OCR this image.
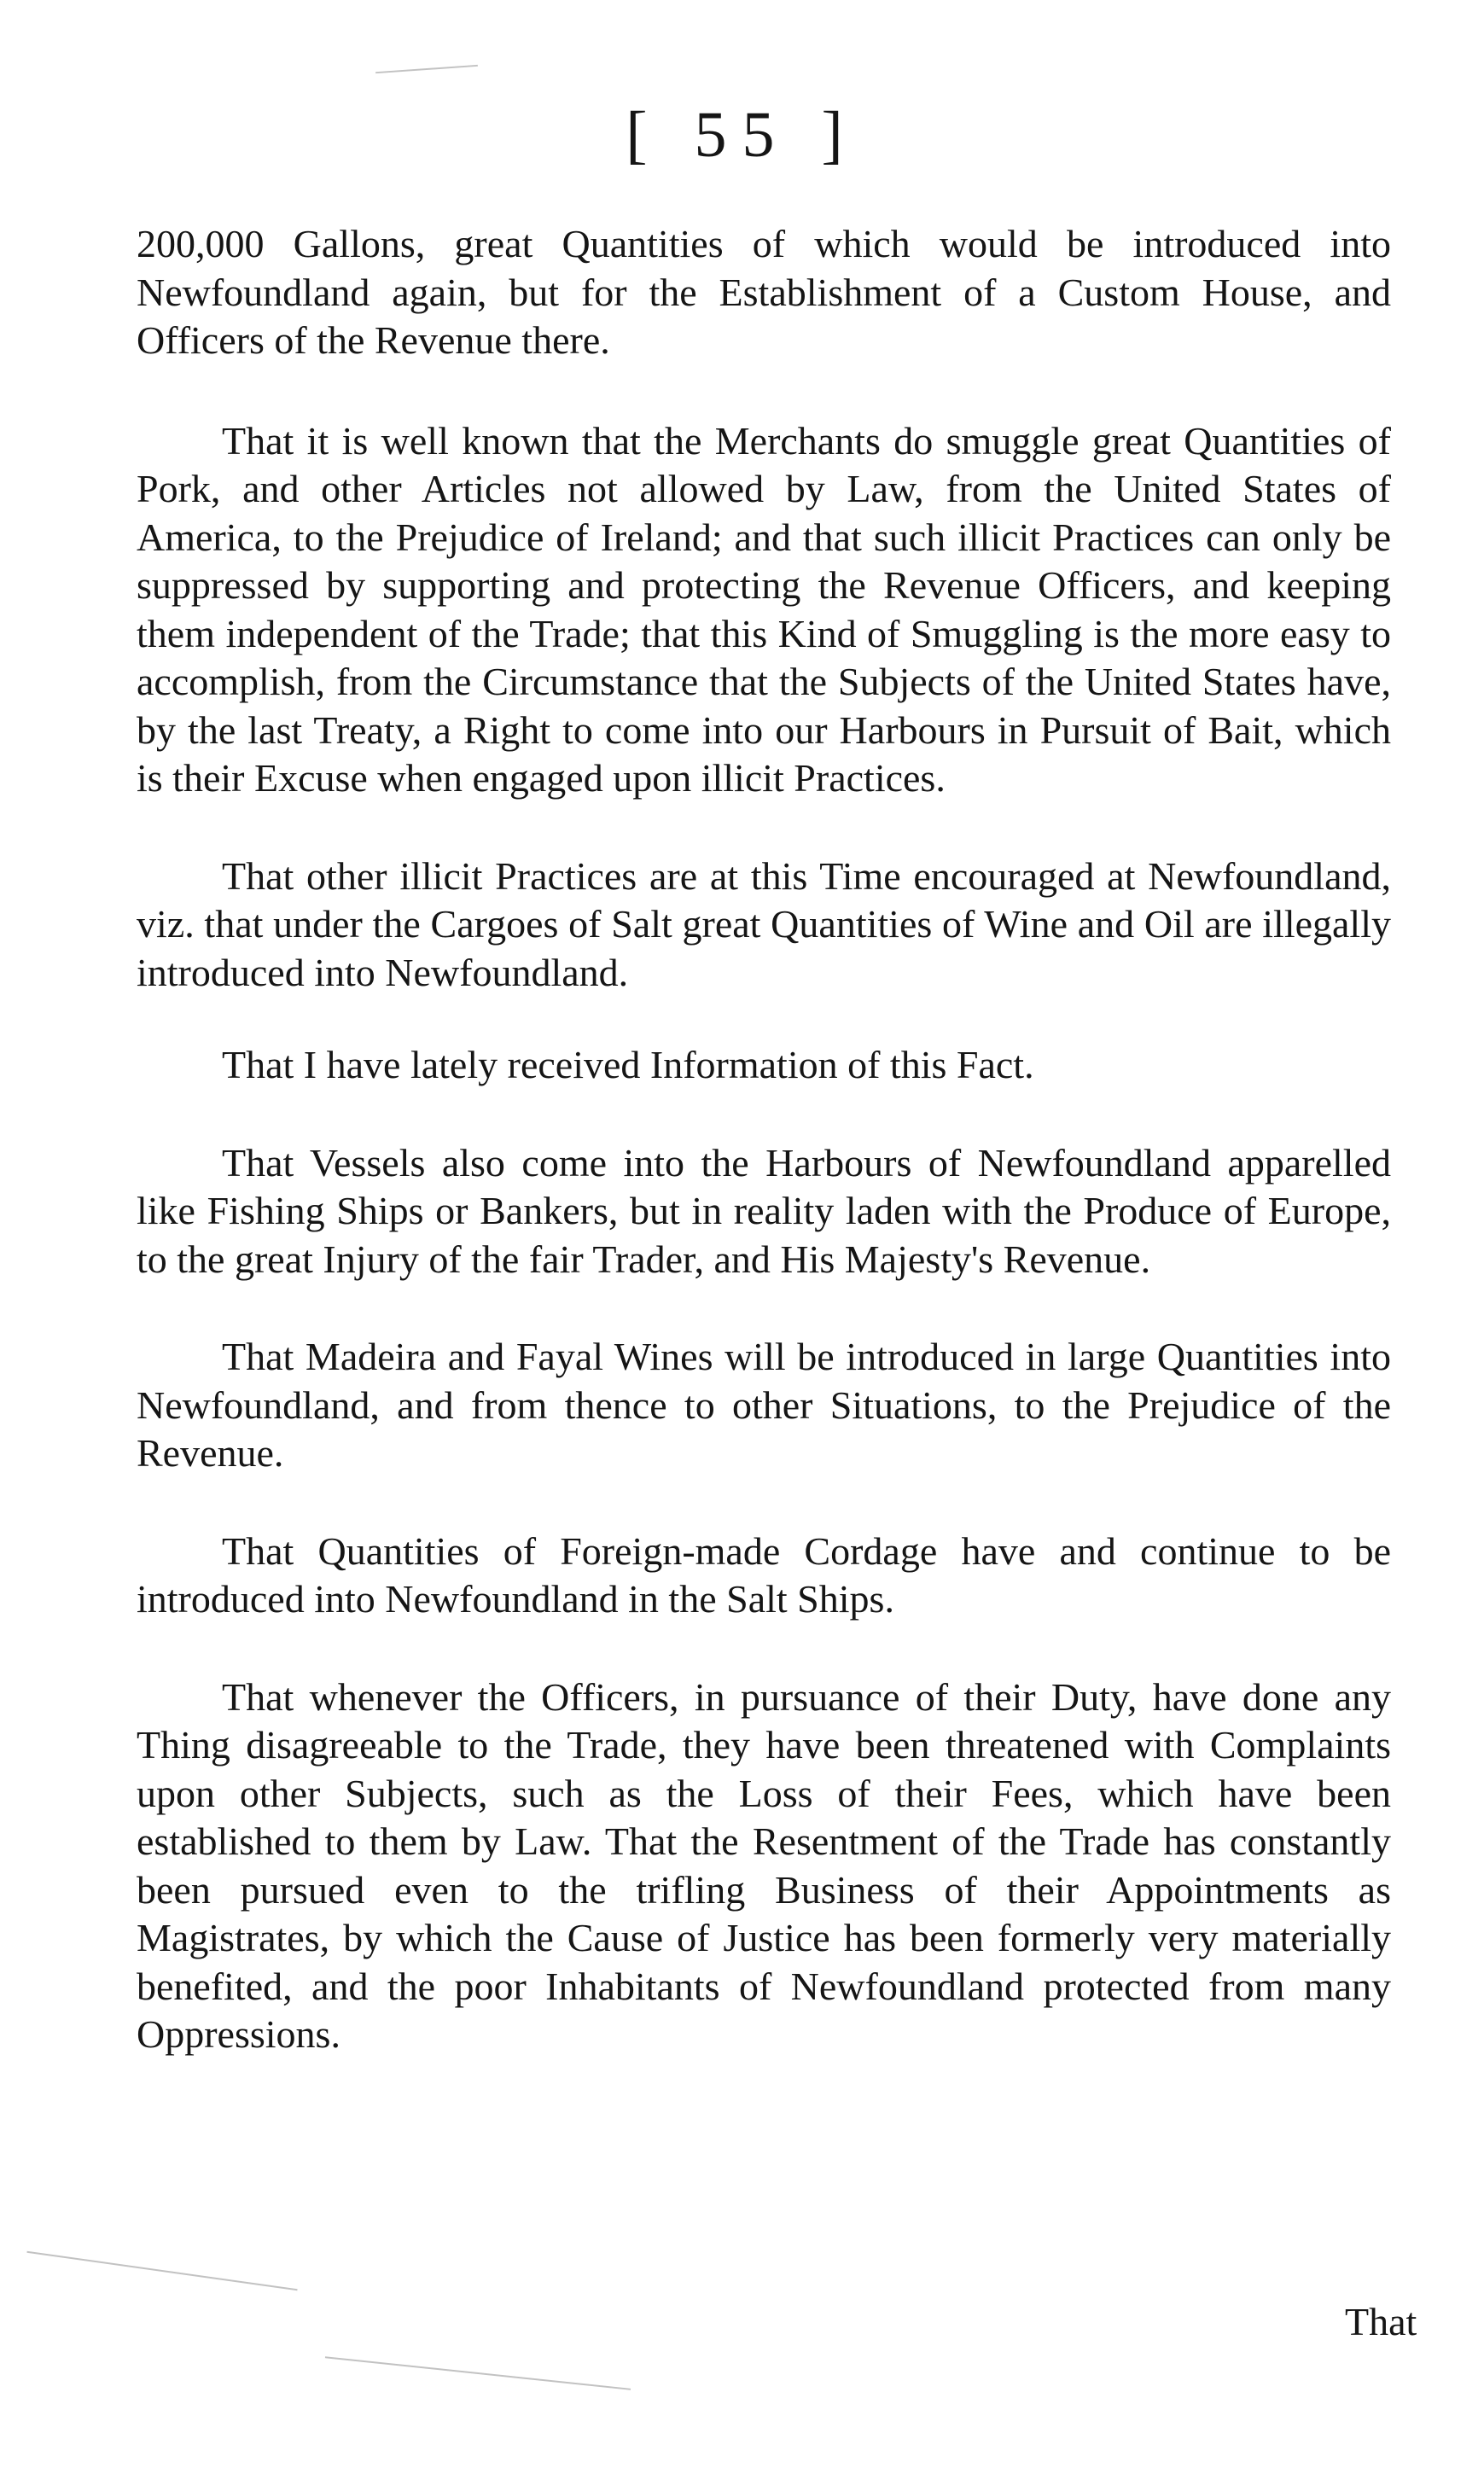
[ 55 ]

200,000 Gallons, great Quantities of which would be introduced into Newfoundland again, but for the Establishment of a Custom House, and Officers of the Revenue there.

That it is well known that the Merchants do smuggle great Quantities of Pork, and other Articles not allowed by Law, from the United States of America, to the Prejudice of Ireland; and that such illicit Practices can only be suppressed by supporting and protecting the Revenue Officers, and keeping them independent of the Trade; that this Kind of Smuggling is the more easy to accomplish, from the Circumstance that the Subjects of the United States have, by the last Treaty, a Right to come into our Harbours in Pursuit of Bait, which is their Excuse when engaged upon illicit Practices.

That other illicit Practices are at this Time encouraged at Newfoundland, viz. that under the Cargoes of Salt great Quantities of Wine and Oil are illegally introduced into Newfoundland.

That I have lately received Information of this Fact.

That Vessels also come into the Harbours of Newfoundland apparelled like Fishing Ships or Bankers, but in reality laden with the Produce of Europe, to the great Injury of the fair Trader, and His Majesty's Revenue.

That Madeira and Fayal Wines will be introduced in large Quantities into Newfoundland, and from thence to other Situations, to the Prejudice of the Revenue.

That Quantities of Foreign-made Cordage have and continue to be introduced into Newfoundland in the Salt Ships.

That whenever the Officers, in pursuance of their Duty, have done any Thing disagreeable to the Trade, they have been threatened with Complaints upon other Subjects, such as the Loss of their Fees, which have been established to them by Law. That the Resentment of the Trade has constantly been pursued even to the trifling Business of their Appointments as Magistrates, by which the Cause of Justice has been formerly very materially benefited, and the poor Inhabitants of Newfoundland protected from many Oppressions.

That
